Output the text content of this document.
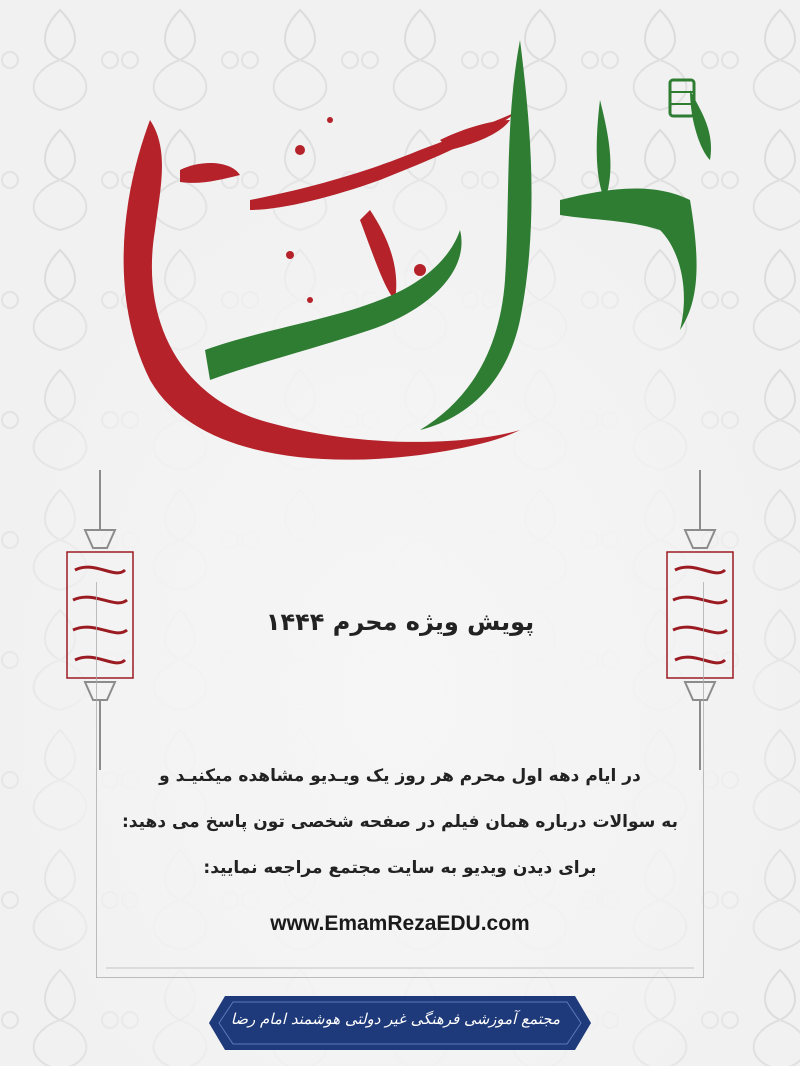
پویش ویژه محرم ۱۴۴۴
در ایام دهه اول محرم هر روز یک ویـدیو مشاهده میکنیـد و
به سوالات درباره همان فیلم در صفحه شخصی تون پاسخ می دهید:
برای دیدن ویدیو به سایت مجتمع مراجعه نمایید:
www.EmamRezaEDU.com
مجتمع آموزشی فرهنگی غیر دولتی هوشمند امام رضا
